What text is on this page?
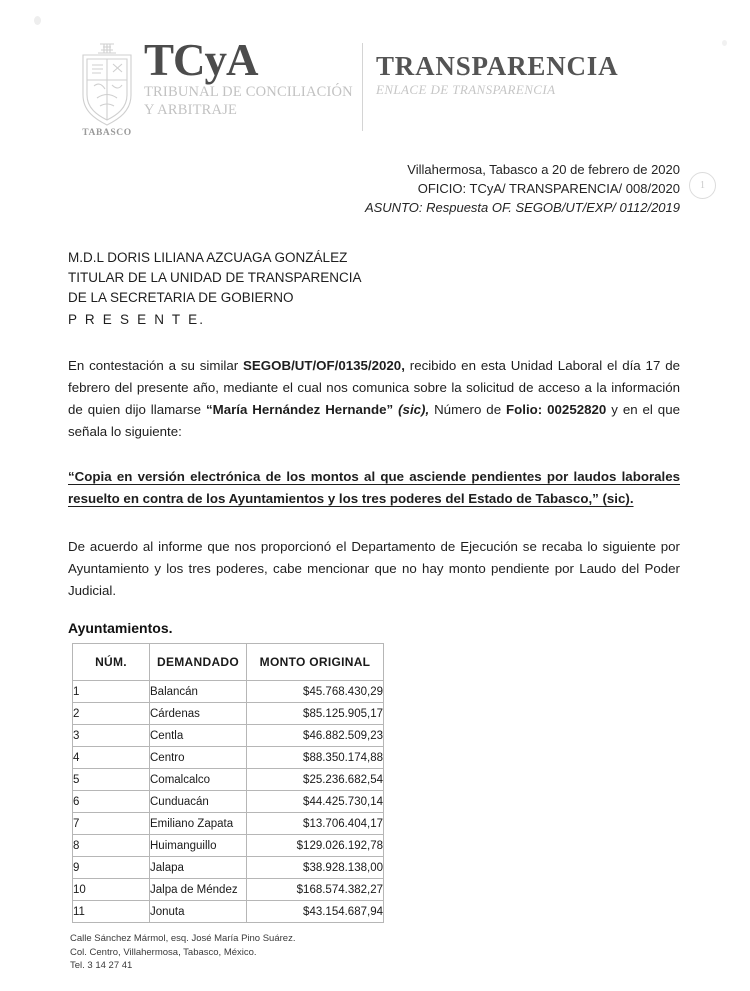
TABASCO
TCyA
TRIBUNAL DE CONCILIACIÓN
Y ARBITRAJE
TRANSPARENCIA
ENLACE DE TRANSPARENCIA
1
Villahermosa, Tabasco a 20 de febrero de 2020
OFICIO: TCyA/ TRANSPARENCIA/ 008/2020
ASUNTO: Respuesta OF. SEGOB/UT/EXP/ 0112/2019
M.D.L DORIS LILIANA AZCUAGA GONZÁLEZ
TITULAR DE LA UNIDAD DE TRANSPARENCIA
DE LA SECRETARIA DE GOBIERNO
P R E S E N T E.
En contestación a su similar SEGOB/UT/OF/0135/2020, recibido en esta Unidad Laboral el día 17 de febrero del presente año, mediante el cual nos comunica sobre la solicitud de acceso a la información de quien dijo llamarse “María Hernández Hernande” (sic), Número de Folio: 00252820 y en el que señala lo siguiente:
“Copia en versión electrónica de los montos al que asciende pendientes por laudos laborales resuelto en contra de los Ayuntamientos y los tres poderes del Estado de Tabasco,” (sic).
De acuerdo al informe que nos proporcionó el Departamento de Ejecución se recaba lo siguiente por Ayuntamiento y los tres poderes, cabe mencionar que no hay monto pendiente por Laudo del Poder Judicial.
Ayuntamientos.
NÚM.	DEMANDADO	MONTO ORIGINAL
1	Balancán	$45.768.430,29
2	Cárdenas	$85.125.905,17
3	Centla	$46.882.509,23
4	Centro	$88.350.174,88
5	Comalcalco	$25.236.682,54
6	Cunduacán	$44.425.730,14
7	Emiliano Zapata	$13.706.404,17
8	Huimanguillo	$129.026.192,78
9	Jalapa	$38.928.138,00
10	Jalpa de Méndez	$168.574.382,27
11	Jonuta	$43.154.687,94
Calle Sánchez Mármol, esq. José María Pino Suárez.
Col. Centro, Villahermosa, Tabasco, México.
Tel. 3 14 27 41
